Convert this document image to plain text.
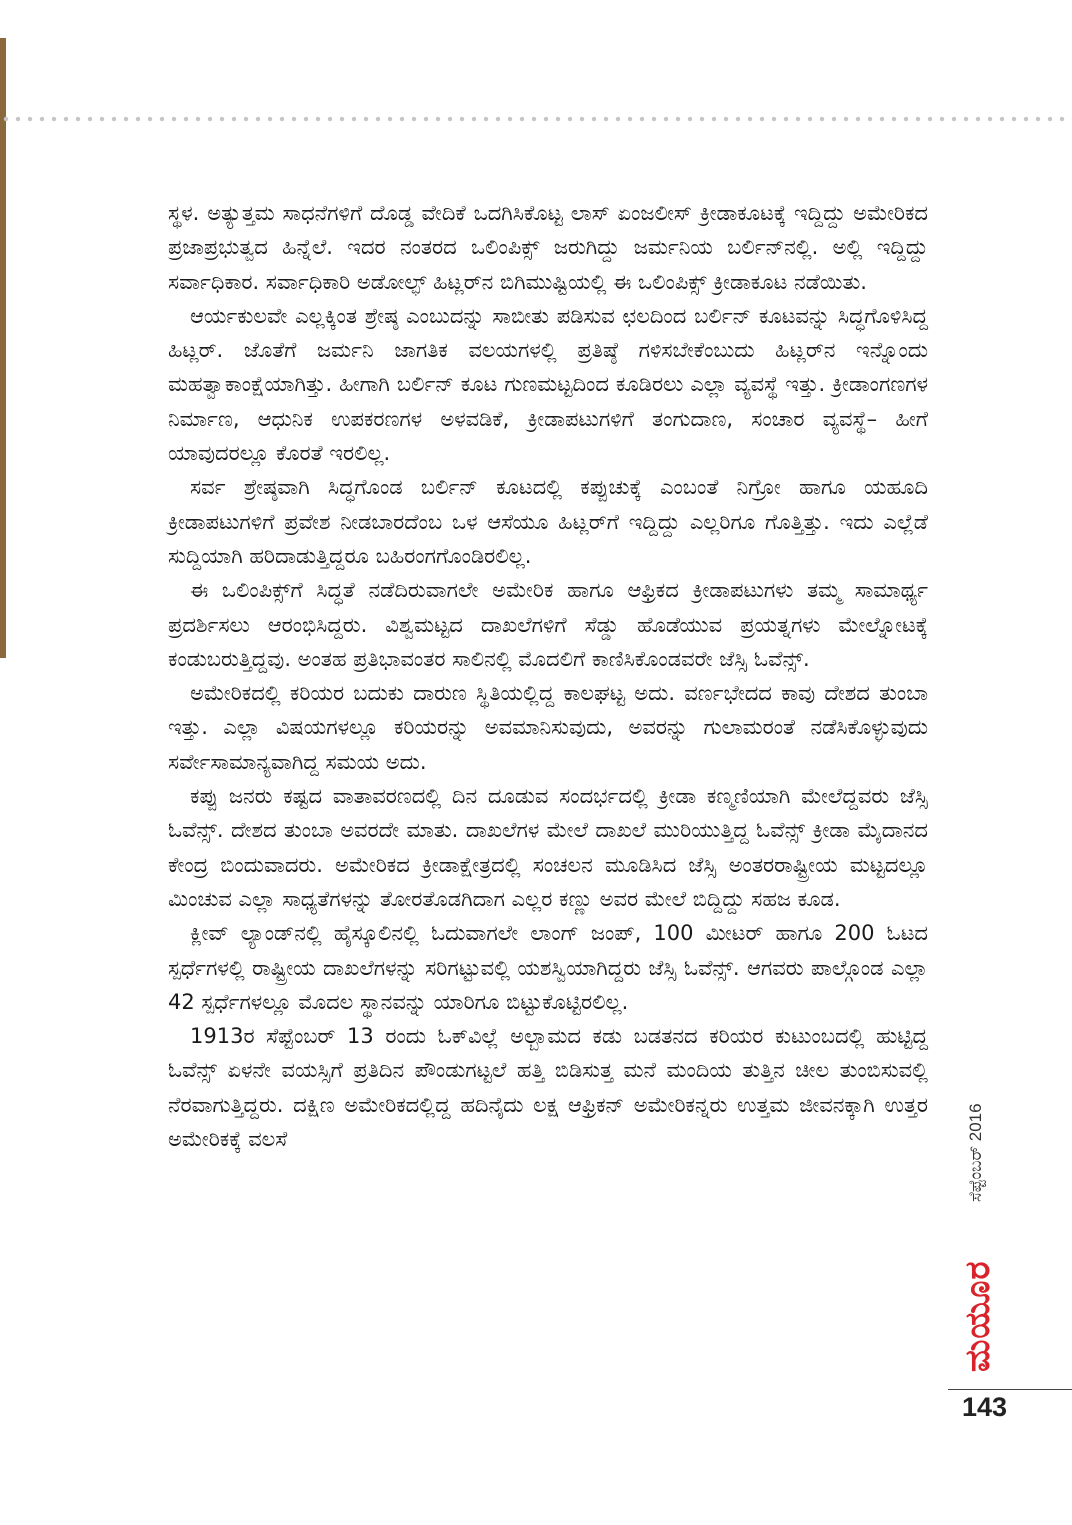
ಸ್ಥಳ. ಅತ್ಯುತ್ತಮ ಸಾಧನೆಗಳಿಗೆ ದೊಡ್ಡ ವೇದಿಕೆ ಒದಗಿಸಿಕೊಟ್ಟ ಲಾಸ್ ಏಂಜಲೀಸ್ ಕ್ರೀಡಾಕೂಟಕ್ಕೆ ಇದ್ದಿದ್ದು ಅಮೇರಿಕದ ಪ್ರಜಾಪ್ರಭುತ್ವದ ಹಿನ್ನೆಲೆ. ಇದರ ನಂತರದ ಒಲಿಂಪಿಕ್ಸ್ ಜರುಗಿದ್ದು ಜರ್ಮನಿಯ ಬರ್ಲಿನ್‌ನಲ್ಲಿ. ಅಲ್ಲಿ ಇದ್ದಿದ್ದು ಸರ್ವಾಧಿಕಾರ. ಸರ್ವಾಧಿಕಾರಿ ಅಡೋಲ್ಫ್ ಹಿಟ್ಲರ್‌ನ ಬಿಗಿಮುಷ್ಟಿಯಲ್ಲಿ ಈ ಒಲಿಂಪಿಕ್ಸ್ ಕ್ರೀಡಾಕೂಟ ನಡೆಯಿತು.

ಆರ್ಯಕುಲವೇ ಎಲ್ಲಕ್ಕಿಂತ ಶ್ರೇಷ್ಠ ಎಂಬುದನ್ನು ಸಾಬೀತು ಪಡಿಸುವ ಛಲದಿಂದ ಬರ್ಲಿನ್ ಕೂಟವನ್ನು ಸಿದ್ಧಗೊಳಿಸಿದ್ದ ಹಿಟ್ಲರ್. ಜೊತೆಗೆ ಜರ್ಮನಿ ಜಾಗತಿಕ ವಲಯಗಳಲ್ಲಿ ಪ್ರತಿಷ್ಠೆ ಗಳಿಸಬೇಕೆಂಬುದು ಹಿಟ್ಲರ್‌ನ ಇನ್ನೊಂದು ಮಹತ್ವಾಕಾಂಕ್ಷೆಯಾಗಿತ್ತು. ಹೀಗಾಗಿ ಬರ್ಲಿನ್ ಕೂಟ ಗುಣಮಟ್ಟದಿಂದ ಕೂಡಿರಲು ಎಲ್ಲಾ ವ್ಯವಸ್ಥೆ ಇತ್ತು. ಕ್ರೀಡಾಂಗಣಗಳ ನಿರ್ಮಾಣ, ಆಧುನಿಕ ಉಪಕರಣಗಳ ಅಳವಡಿಕೆ, ಕ್ರೀಡಾಪಟುಗಳಿಗೆ ತಂಗುದಾಣ, ಸಂಚಾರ ವ್ಯವಸ್ಥೆ– ಹೀಗೆ ಯಾವುದರಲ್ಲೂ ಕೊರತೆ ಇರಲಿಲ್ಲ.

ಸರ್ವ ಶ್ರೇಷ್ಠವಾಗಿ ಸಿದ್ಧಗೊಂಡ ಬರ್ಲಿನ್ ಕೂಟದಲ್ಲಿ ಕಪ್ಪುಚುಕ್ಕೆ ಎಂಬಂತೆ ನಿಗ್ರೋ ಹಾಗೂ ಯಹೂದಿ ಕ್ರೀಡಾಪಟುಗಳಿಗೆ ಪ್ರವೇಶ ನೀಡಬಾರದೆಂಬ ಒಳ ಆಸೆಯೂ ಹಿಟ್ಲರ್‌ಗೆ ಇದ್ದಿದ್ದು ಎಲ್ಲರಿಗೂ ಗೊತ್ತಿತ್ತು. ಇದು ಎಲ್ಲೆಡೆ ಸುದ್ದಿಯಾಗಿ ಹರಿದಾಡುತ್ತಿದ್ದರೂ ಬಹಿರಂಗಗೊಂಡಿರಲಿಲ್ಲ.

ಈ ಒಲಿಂಪಿಕ್ಸ್‌ಗೆ ಸಿದ್ಧತೆ ನಡೆದಿರುವಾಗಲೇ ಅಮೇರಿಕ ಹಾಗೂ ಆಫ್ರಿಕದ ಕ್ರೀಡಾಪಟುಗಳು ತಮ್ಮ ಸಾಮಾರ್ಥ್ಯ ಪ್ರದರ್ಶಿಸಲು ಆರಂಭಿಸಿದ್ದರು. ವಿಶ್ವಮಟ್ಟದ ದಾಖಲೆಗಳಿಗೆ ಸೆಡ್ಡು ಹೊಡೆಯುವ ಪ್ರಯತ್ನಗಳು ಮೇಲ್ನೋಟಕ್ಕೆ ಕಂಡುಬರುತ್ತಿದ್ದವು. ಅಂತಹ ಪ್ರತಿಭಾವಂತರ ಸಾಲಿನಲ್ಲಿ ಮೊದಲಿಗೆ ಕಾಣಿಸಿಕೊಂಡವರೇ ಜೆಸ್ಸಿ ಓವೆನ್ಸ್.

ಅಮೇರಿಕದಲ್ಲಿ ಕರಿಯರ ಬದುಕು ದಾರುಣ ಸ್ಥಿತಿಯಲ್ಲಿದ್ದ ಕಾಲಘಟ್ಟ ಅದು. ವರ್ಣಭೇದದ ಕಾವು ದೇಶದ ತುಂಬಾ ಇತ್ತು. ಎಲ್ಲಾ ವಿಷಯಗಳಲ್ಲೂ ಕರಿಯರನ್ನು ಅವಮಾನಿಸುವುದು, ಅವರನ್ನು ಗುಲಾಮರಂತೆ ನಡೆಸಿಕೊಳ್ಳುವುದು ಸರ್ವೇಸಾಮಾನ್ಯವಾಗಿದ್ದ ಸಮಯ ಅದು.

ಕಪ್ಪು ಜನರು ಕಷ್ಟದ ವಾತಾವರಣದಲ್ಲಿ ದಿನ ದೂಡುವ ಸಂದರ್ಭದಲ್ಲಿ ಕ್ರೀಡಾ ಕಣ್ಮಣಿಯಾಗಿ ಮೇಲೆದ್ದವರು ಜೆಸ್ಸಿ ಓವೆನ್ಸ್. ದೇಶದ ತುಂಬಾ ಅವರದೇ ಮಾತು. ದಾಖಲೆಗಳ ಮೇಲೆ ದಾಖಲೆ ಮುರಿಯುತ್ತಿದ್ದ ಓವೆನ್ಸ್ ಕ್ರೀಡಾ ಮೈದಾನದ ಕೇಂದ್ರ ಬಿಂದುವಾದರು. ಅಮೇರಿಕದ ಕ್ರೀಡಾಕ್ಷೇತ್ರದಲ್ಲಿ ಸಂಚಲನ ಮೂಡಿಸಿದ ಜೆಸ್ಸಿ ಅಂತರರಾಷ್ಟ್ರೀಯ ಮಟ್ಟದಲ್ಲೂ ಮಿಂಚುವ ಎಲ್ಲಾ ಸಾಧ್ಯತೆಗಳನ್ನು ತೋರತೊಡಗಿದಾಗ ಎಲ್ಲರ ಕಣ್ಣು ಅವರ ಮೇಲೆ ಬಿದ್ದಿದ್ದು ಸಹಜ ಕೂಡ.

ಕ್ಲೀವ್ ಲ್ಯಾಂಡ್‌ನಲ್ಲಿ ಹೈಸ್ಕೂಲಿನಲ್ಲಿ ಓದುವಾಗಲೇ ಲಾಂಗ್ ಜಂಪ್, 100 ಮೀಟರ್ ಹಾಗೂ 200 ಓಟದ ಸ್ಪರ್ಧೆಗಳಲ್ಲಿ ರಾಷ್ಟ್ರೀಯ ದಾಖಲೆಗಳನ್ನು ಸರಿಗಟ್ಟುವಲ್ಲಿ ಯಶಸ್ವಿಯಾಗಿದ್ದರು ಜೆಸ್ಸಿ ಓವೆನ್ಸ್. ಆಗವರು ಪಾಲ್ಗೊಂಡ ಎಲ್ಲಾ 42 ಸ್ಪರ್ಧೆಗಳಲ್ಲೂ ಮೊದಲ ಸ್ಥಾನವನ್ನು ಯಾರಿಗೂ ಬಿಟ್ಟುಕೊಟ್ಟಿರಲಿಲ್ಲ.

1913ರ ಸೆಪ್ಟೆಂಬರ್ 13 ರಂದು ಓಕ್‌ವಿಲ್ಲೆ ಅಲ್ಬಾಮದ ಕಡು ಬಡತನದ ಕರಿಯರ ಕುಟುಂಬದಲ್ಲಿ ಹುಟ್ಟಿದ್ದ ಓವೆನ್ಸ್ ಏಳನೇ ವಯಸ್ಸಿಗೆ ಪ್ರತಿದಿನ ಪೌಂಡುಗಟ್ಟಲೆ ಹತ್ತಿ ಬಿಡಿಸುತ್ತ ಮನೆ ಮಂದಿಯ ತುತ್ತಿನ ಚೀಲ ತುಂಬಿಸುವಲ್ಲಿ ನೆರವಾಗುತ್ತಿದ್ದರು. ದಕ್ಷಿಣ ಅಮೇರಿಕದಲ್ಲಿದ್ದ ಹದಿನೈದು ಲಕ್ಷ ಆಫ್ರಿಕನ್ ಅಮೇರಿಕನ್ನರು ಉತ್ತಮ ಜೀವನಕ್ಕಾಗಿ ಉತ್ತರ ಅಮೇರಿಕಕ್ಕೆ ವಲಸೆ	ಸೆಪ್ಟೆಂಬರ್ 2016
ಮಯೂರ
143
